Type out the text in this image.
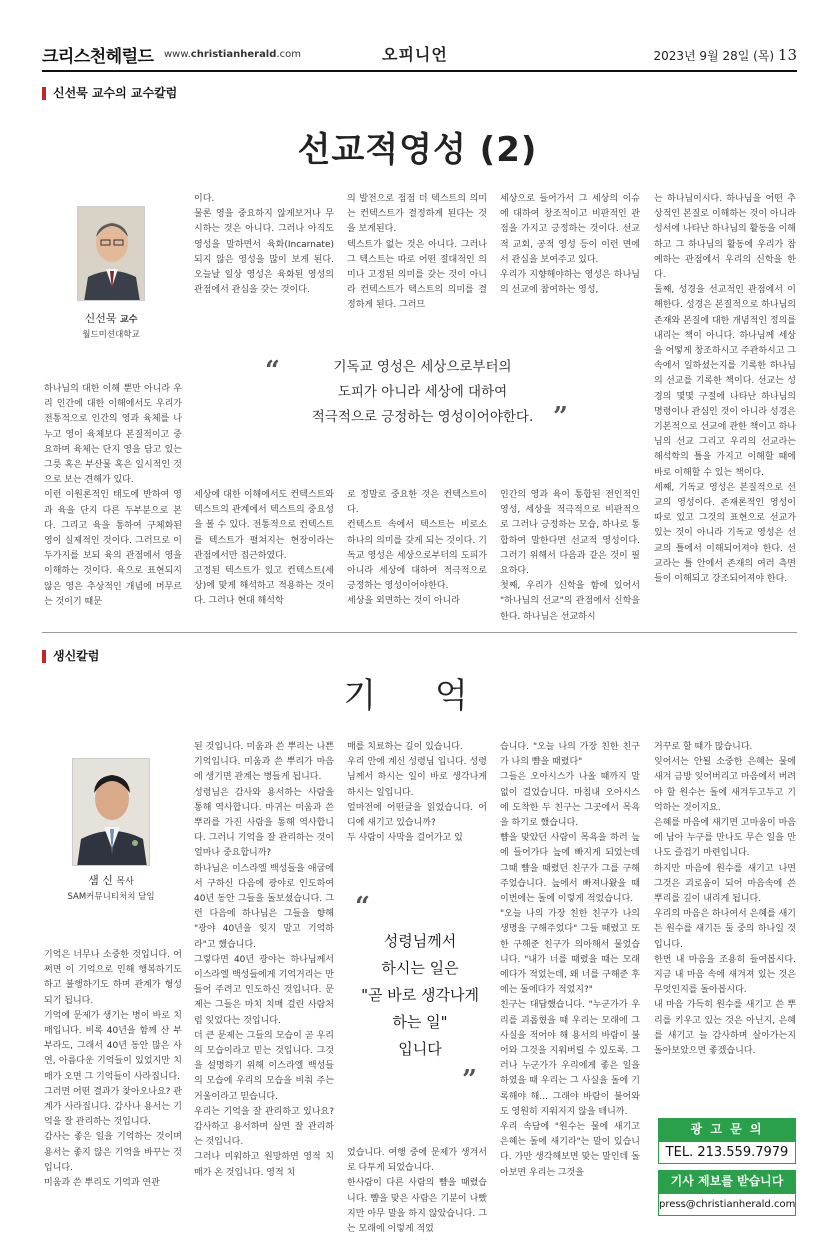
크리스천헤럴드 www.christianherald.com	오피니언	2023년 9월 28일 (목) 13
신선묵 교수의 교수칼럼
선교적영성 (2)
신선묵 교수
월드미션대학교
하나님의 대한 이해 뿐만 아니라 우리 인간에 대한 이해에서도 우리가 전통적으로 인간의 영과 육체를 나누고 영이 육체보다 본질적이고 중요하며 육체는 단지 영을 담고 있는 그릇 혹은 부산물 혹은 일시적인 것으로 보는 견해가 있다.
이런 이원론적인 태도에 반하여 영과 육을 단지 다른 두부분으로 본다. 그리고 육을 통하여 구체화된 영이 실제적인 것이다. 그러므로 이 두가지를 보되 육의 관점에서 영을 이해하는 것이다. 육으로 표현되지 않은 영은 추상적인 개념에 머무르는 것이기 때문
이다.
물론 영을 중요하지 않게보거나 무시하는 것은 아니다. 그러나 아직도 영성을 말하면서 육화(Incarnate)되지 않은 영성을 많이 보게 된다. 오늘날 일상 영성은 육화된 영성의 관점에서 관심을 갖는 것이다.
세상에 대한 이해에서도 컨텍스트와 텍스트의 관계에서 텍스트의 중요성을 볼 수 있다. 전통적으로 컨텍스트를 텍스트가 펼쳐지는 현장이라는 관점에서만 접근하였다.
고정된 텍스트가 있고 컨텍스트(세상)에 맞게 해석하고 적용하는 것이다. 그러나 현대 해석학
의 발전으로 점점 더 텍스트의 의미는 컨텍스트가 결정하게 된다는 것을 보게된다.
텍스트가 없는 것은 아니다. 그러나 그 텍스트는 따로 어떤 절대적인 의미나 고정된 의미를 갖는 것이 아니라 컨텍스트가 텍스트의 의미를 결정하게 된다. 그러므
로 정말로 중요한 것은 컨텍스트이다.
컨텍스트 속에서 텍스트는 비로소 하나의 의미를 갖게 되는 것이다. 기독교 영성은 세상으로부터의 도피가 아니라 세상에 대하여 적극적으로 긍정하는 영성이어야한다.
세상을 외면하는 것이 아니라
세상으로 들어가서 그 세상의 이슈에 대하여 창조적이고 비판적인 관점을 가지고 긍정하는 것이다. 선교적 교회, 공적 영성 등이 이런 면에서 관심을 보여주고 있다.
우리가 지향해야하는 영성은 하나님의 선교에 참여하는 영성,
인간의 영과 육이 통합된 전인적인 영성, 세상을 적극적으로 비판적으로 그러나 긍정하는 모습, 하나로 통합하여 말한다면 선교적 영성이다. 그러기 위해서 다음과 같은 것이 필요하다.
첫째, 우리가 신학을 함에 있어서 "하나님의 선교"의 관점에서 신학을 한다. 하나님은 선교하시
는 하나님이시다. 하나님을 어떤 추상적인 본질로 이해하는 것이 아니라 성서에 나타난 하나님의 활동을 이해하고 그 하나님의 활동에 우리가 참예하는 관점에서 우리의 신학을 한다.
둘째, 성경을 선교적인 관점에서 이해한다. 성경은 본질적으로 하나님의 존재와 본질에 대한 개념적인 정의를 내리는 책이 아니다. 하나님께 세상을 어떻게 창조하시고 주관하시고 그 속에서 일하셨는지를 기록한 하나님의 선교를 기록한 책이다. 선교는 성경의 몇몇 구절에 나타난 하나님의 명령이나 관심인 것이 아니라 성경은 기본적으로 선교에 관한 책이고 하나님의 선교 그리고 우리의 선교라는 해석학의 틀을 가지고 이해할 때에 바로 이해할 수 있는 책이다.
세째, 기독교 영성은 본질적으로 선교의 영성이다. 존재론적인 영성이 따로 있고 그것의 표현으로 선교가 있는 것이 아니라 기독교 영성은 선교의 틀에서 이해되어져야 한다. 선교라는 틀 안에서 존재의 여러 측면들이 이해되고 강조되어져야 한다.
“
”
기독교 영성은 세상으로부터의
도피가 아니라 세상에 대하여
적극적으로 긍정하는 영성이어야한다.
생신칼럼
기 억
샘 신 목사
SAM커뮤니티처치 담임
기억은 너무나 소중한 것입니다. 어쩌면 이 기억으로 인해 행복하기도 하고 불행하기도 하며 관계가 형성되기 됩니다.
기억에 문제가 생기는 병이 바로 치매입니다. 비록 40년을 함께 산 부부라도, 그래서 40년 동안 많은 사연, 아름다운 기억들이 있었지만 치매가 오면 그 기억들이 사라집니다.
그러면 어떤 결과가 찾아오나요? 관계가 사라집니다. 감사나 용서는 기억을 잘 관리하는 것입니다.
감사는 좋은 일을 기억하는 것이며 용서는 좋지 않은 기억을 바꾸는 것입니다.
미움과 쓴 뿌리도 기억과 연관
된 것입니다. 미움과 쓴 뿌리는 나쁜 기억입니다. 미움과 쓴 뿌리가 마음에 생기면 관계는 병들게 됩니다.
성령님은 감사와 용서하는 사람을 통해 역사합니다. 마귀는 미움과 쓴 뿌리를 가진 사람을 통해 역사합니다. 그러니 기억을 잘 관리하는 것이 얼마나 중요합니까?
하나님은 이스라엘 백성들을 애굽에서 구하신 다음에 광야로 인도하여 40년 동안 그들을 돌보셨습니다. 그런 다음에 하나님은 그들을 향해 "광야 40년을 잊지 말고 기억하라"고 했습니다.
그렇다면 40년 광야는 하나님께서 이스라엘 백성들에게 기억거리는 만들어 주려고 인도하신 것입니다. 문제는 그들은 마치 치매 걸린 사람처럼 잊었다는 것입니다.
더 큰 문제는 그들의 모습이 곧 우리의 모습이라고 믿는 것입니다. 그것을 설명하기 위해 이스라엘 백성들의 모습에 우리의 모습을 비춰 주는 거울이라고 믿습니다.
우리는 기억을 잘 관리하고 있나요? 감사하고 용서하며 살면 잘 관리하는 것입니다.
그러나 미워하고 원망하면 영적 치매가 온 것입니다. 영적 치
매를 치료하는 길이 있습니다.
우리 안에 계신 성령님 입니다. 성령님께서 하시는 일이 바로 생각나게 하시는 일입니다.
얼마전에 어떤글을 읽었습니다. 어디에 새기고 있습니까?
두 사람이 사막을 걸어가고 있
었습니다. 여행 중에 문제가 생겨서로 다투게 되었습니다.
한사람이 다른 사람의 뺨을 때렸습니다. 뺨을 맞은 사람은 기분이 나빴지만 아무 말을 하지 않았습니다. 그는 모래에 이렇게 적었
습니다. "오늘 나의 가장 친한 친구가 나의 뺨을 때렸다"
그들은 오아시스가 나올 때까지 말없이 걸었습니다. 마침내 오아시스에 도착한 두 친구는 그곳에서 목욕을 하기로 했습니다.
뺨을 맞았던 사람이 목욕을 하러 늪에 들어가다 늪에 빠지게 되었는데 그때 뺨을 때렸던 친구가 그를 구해주었습니다. 늪에서 빠져나왔을 때 이번에는 돌에 이렇게 적었습니다.
"오늘 나의 가장 친한 친구가 나의 생명을 구해주었다" 그들 때렸고 또한 구해준 친구가 의아해서 물었습니다. "내가 너를 때렸을 때는 모래에다가 적었는데, 왜 너를 구해준 후에는 돌에다가 적었지?"
친구는 대답했습니다. "누군가가 우리를 괴롭혔을 때 우리는 모래에 그 사실을 적어야 해 용서의 바람이 불어와 그것을 지워버릴 수 있도록. 그러나 누군가가 우리에게 좋은 일을 하였을 때 우리는 그 사실을 돌에 기록해야 해... 그래야 바람이 불어와도 영원히 지워지지 않을 테니까.
우리 속담에 "원수는 물에 새기고 은혜는 돌에 새기라"는 말이 있습니다. 가만 생각해보면 맞는 말인데 돌아보면 우리는 그것을
거꾸로 할 때가 많습니다.
잊어서는 안될 소중한 은혜는 물에 새겨 금방 잊어버리고 마음에서 버려야 할 원수는 돌에 새겨두고두고 기억하는 것이지요.
은혜를 마음에 새기면 고마움이 마음에 남아 누구를 만나도 무슨 일을 만나도 즐겁기 마련입니다.
하지만 마음에 원수를 새기고 나면 그것은 괴로움이 되어 마음속에 쓴 뿌리를 깊이 내리게 됩니다.
우리의 마음은 하나여서 은혜를 새기든 원수를 새기든 둘 중의 하나일 것입니다.
한번 내 마음을 조용히 들여봅시다. 지금 내 마음 속에 새겨져 있는 것은 무엇인지를 돌아봅시다.
내 마음 가득히 원수를 새기고 쓴 뿌리를 키우고 있는 것은 아닌지, 은혜를 새기고 늘 감사하며 살아가는지 돌아보았으면 좋겠습니다.
“
”
성령님께서
하시는 일은
"곧 바로 생각나게
하는 일"
입니다
광 고 문 의
TEL. 213.559.7979
기사 제보를 받습니다
press@christianherald.com
